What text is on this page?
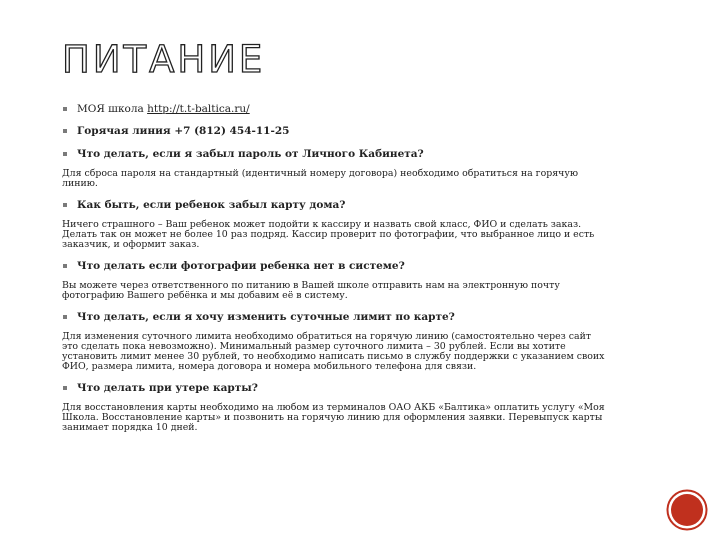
ПИТАНИЕ
МОЯ школа http://t.t-baltica.ru/
Горячая линия +7 (812) 454-11-25
Что делать, если я забыл пароль от Личного Кабинета?
Для сброса пароля на стандартный (идентичный номеру договора) необходимо обратиться на горячую
линию.
Как быть, если ребенок забыл карту дома?
Ничего страшного – Ваш ребенок может подойти к кассиру и назвать свой класс, ФИО и сделать заказ.
Делать так он может не более 10 раз подряд. Кассир проверит по фотографии, что выбранное лицо и есть
заказчик, и оформит заказ.
Что делать если фотографии ребенка нет в системе?
Вы можете через ответственного по питанию в Вашей школе отправить нам на электронную почту
фотографию Вашего ребёнка и мы добавим её в систему.
Что делать, если я хочу изменить суточные лимит по карте?
Для изменения суточного лимита необходимо обратиться на горячую линию (самостоятельно через сайт
это сделать пока невозможно). Минимальный размер суточного лимита – 30 рублей. Если вы хотите
установить лимит менее 30 рублей, то необходимо написать письмо в службу поддержки с указанием своих
ФИО, размера лимита, номера договора и номера мобильного телефона для связи.
Что делать при утере карты?
Для восстановления карты необходимо на любом из терминалов ОАО АКБ «Балтика» оплатить услугу «Моя
Школа. Восстановление карты» и позвонить на горячую линию для оформления заявки. Перевыпуск карты
занимает порядка 10 дней.
